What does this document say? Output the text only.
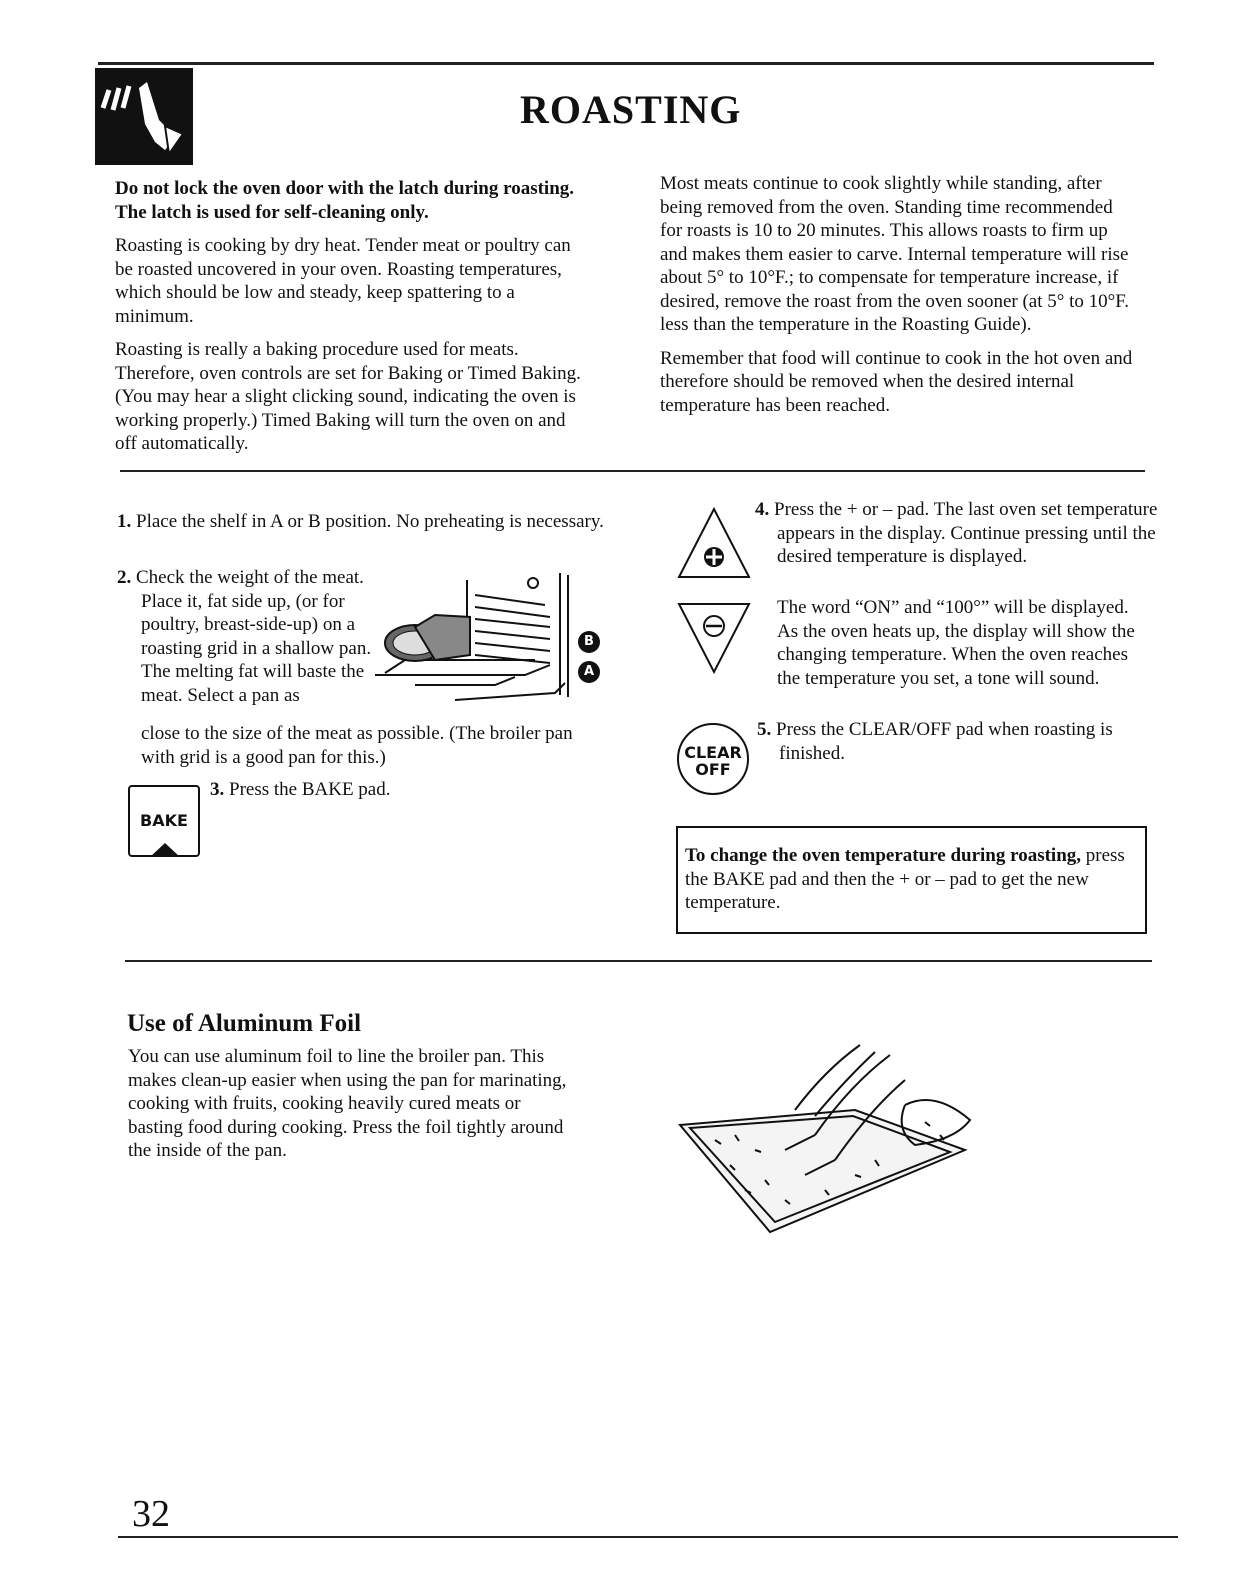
ROASTING

Do not lock the oven door with the latch during roasting. The latch is used for self-cleaning only.

Roasting is cooking by dry heat. Tender meat or poultry can be roasted uncovered in your oven. Roasting temperatures, which should be low and steady, keep spattering to a minimum.

Roasting is really a baking procedure used for meats. Therefore, oven controls are set for Baking or Timed Baking. (You may hear a slight clicking sound, indicating the oven is working properly.) Timed Baking will turn the oven on and off automatically.

Most meats continue to cook slightly while standing, after being removed from the oven. Standing time recommended for roasts is 10 to 20 minutes. This allows roasts to firm up and makes them easier to carve. Internal temperature will rise about 5° to 10°F.; to compensate for temperature increase, if desired, remove the roast from the oven sooner (at 5° to 10°F. less than the temperature in the Roasting Guide).

Remember that food will continue to cook in the hot oven and therefore should be removed when the desired internal temperature has been reached.

1. Place the shelf in A or B position. No preheating is necessary.
2. Check the weight of the meat. Place it, fat side up, (or for poultry, breast-side-up) on a roasting grid in a shallow pan. The melting fat will baste the meat. Select a pan as
close to the size of the meat as possible. (The broiler pan with grid is a good pan for this.)
B
A
BAKE
3. Press the BAKE pad.
CLEAR
OFF
4. Press the + or – pad. The last oven set temperature appears in the display. Continue pressing until the desired temperature is displayed.
The word “ON” and “100°” will be displayed. As the oven heats up, the display will show the changing temperature. When the oven reaches the temperature you set, a tone will sound.
5. Press the CLEAR/OFF pad when roasting is finished.
To change the oven temperature during roasting, press the BAKE pad and then the + or – pad to get the new temperature.
Use of Aluminum Foil
You can use aluminum foil to line the broiler pan. This makes clean-up easier when using the pan for marinating, cooking with fruits, cooking heavily cured meats or basting food during cooking. Press the foil tightly around the inside of the pan.
32
